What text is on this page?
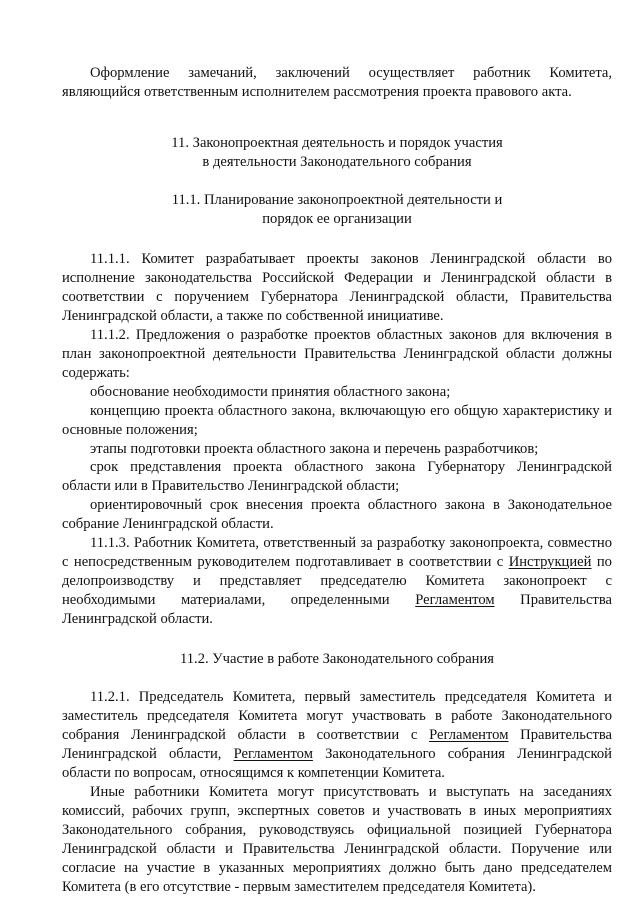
Оформление замечаний, заключений осуществляет работник Комитета, являющийся ответственным исполнителем рассмотрения проекта правового акта.

11. Законопроектная деятельность и порядок участия
в деятельности Законодательного собрания

11.1. Планирование законопроектной деятельности и
порядок ее организации

11.1.1. Комитет разрабатывает проекты законов Ленинградской области во исполнение законодательства Российской Федерации и Ленинградской области в соответствии с поручением Губернатора Ленинградской области, Правительства Ленинградской области, а также по собственной инициативе.

11.1.2. Предложения о разработке проектов областных законов для включения в план законопроектной деятельности Правительства Ленинградской области должны содержать:

обоснование необходимости принятия областного закона;

концепцию проекта областного закона, включающую его общую характеристику и основные положения;

этапы подготовки проекта областного закона и перечень разработчиков;

срок представления проекта областного закона Губернатору Ленинградской области или в Правительство Ленинградской области;

ориентировочный срок внесения проекта областного закона в Законодательное собрание Ленинградской области.

11.1.3. Работник Комитета, ответственный за разработку законопроекта, совместно с непосредственным руководителем подготавливает в соответствии с Инструкцией по делопроизводству и представляет председателю Комитета законопроект с необходимыми материалами, определенными Регламентом Правительства Ленинградской области.

11.2. Участие в работе Законодательного собрания

11.2.1. Председатель Комитета, первый заместитель председателя Комитета и заместитель председателя Комитета могут участвовать в работе Законодательного собрания Ленинградской области в соответствии с Регламентом Правительства Ленинградской области, Регламентом Законодательного собрания Ленинградской области по вопросам, относящимся к компетенции Комитета.

Иные работники Комитета могут присутствовать и выступать на заседаниях комиссий, рабочих групп, экспертных советов и участвовать в иных мероприятиях Законодательного собрания, руководствуясь официальной позицией Губернатора Ленинградской области и Правительства Ленинградской области. Поручение или согласие на участие в указанных мероприятиях должно быть дано председателем Комитета (в его отсутствие - первым заместителем председателя Комитета).
